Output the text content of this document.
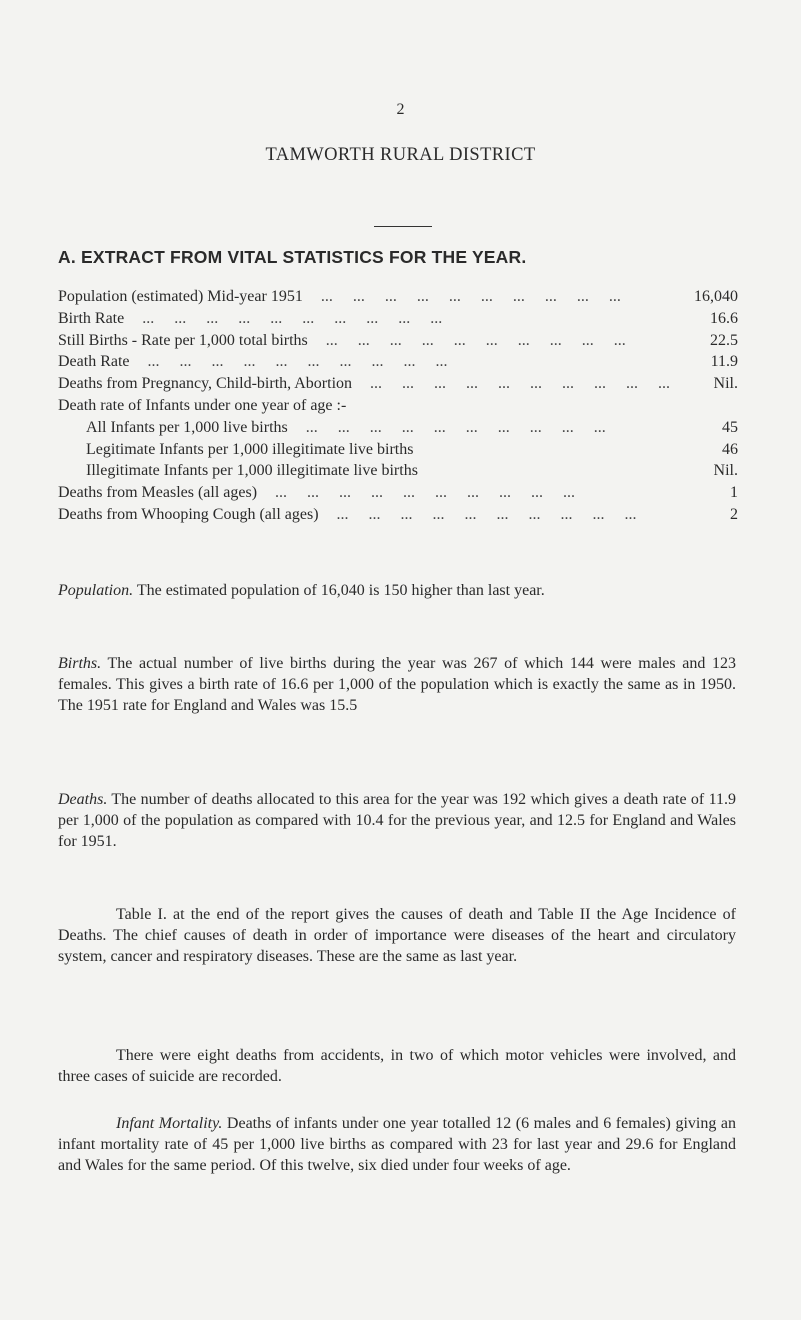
2
TAMWORTH RURAL DISTRICT
A. EXTRACT FROM VITAL STATISTICS FOR THE YEAR.
Population (estimated) Mid-year 1951 ...     ...     ...     ...     ...     ...     ...     ...     ...     ...	16,040
Birth Rate ...     ...     ...     ...     ...     ...     ...     ...     ...     ...	16.6
Still Births - Rate per 1,000 total births ...     ...     ...     ...     ...     ...     ...     ...     ...     ...	22.5
Death Rate ...     ...     ...     ...     ...     ...     ...     ...     ...     ...	11.9
Deaths from Pregnancy, Child-birth, Abortion ...     ...     ...     ...     ...     ...     ...     ...     ...     ...	Nil.
Death rate of Infants under one year of age :-
All Infants per 1,000 live births ...     ...     ...     ...     ...     ...     ...     ...     ...     ...	45
Legitimate Infants per 1,000 illegitimate live births	46
Illegitimate Infants per 1,000 illegitimate live births	Nil.
Deaths from Measles (all ages) ...     ...     ...     ...     ...     ...     ...     ...     ...     ...	1
Deaths from Whooping Cough (all ages) ...     ...     ...     ...     ...     ...     ...     ...     ...     ...	2

Population. The estimated population of 16,040 is 150 higher than last year.

Births. The actual number of live births during the year was 267 of which 144 were males and 123 females. This gives a birth rate of 16.6 per 1,000 of the population which is exactly the same as in 1950. The 1951 rate for England and Wales was 15.5

Deaths. The number of deaths allocated to this area for the year was 192 which gives a death rate of 11.9 per 1,000 of the population as compared with 10.4 for the previous year, and 12.5 for England and Wales for 1951.

Table I. at the end of the report gives the causes of death and Table II the Age Incidence of Deaths. The chief causes of death in order of importance were diseases of the heart and circulatory system, cancer and respiratory diseases. These are the same as last year.

There were eight deaths from accidents, in two of which motor vehicles were involved, and three cases of suicide are recorded.

Infant Mortality. Deaths of infants under one year totalled 12 (6 males and 6 females) giving an infant mortality rate of 45 per 1,000 live births as compared with 23 for last year and 29.6 for England and Wales for the same period. Of this twelve, six died under four weeks of age.
